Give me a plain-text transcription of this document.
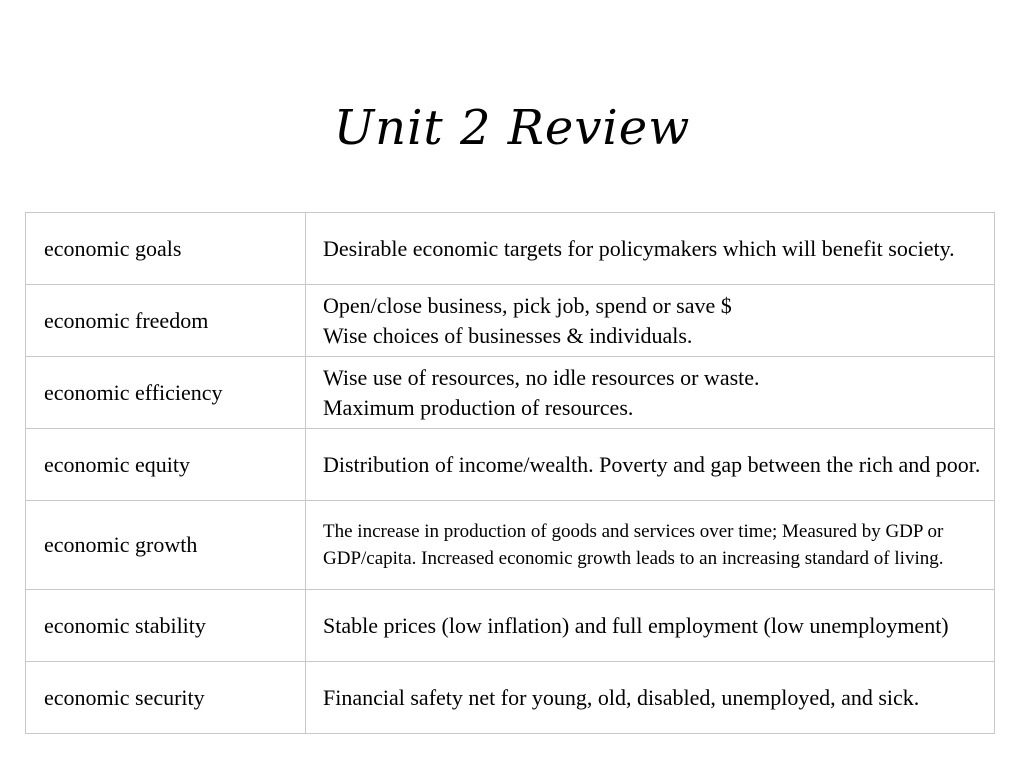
Unit 2 Review
economic goals	Desirable economic targets for policymakers which will benefit society.
economic freedom	Open/close business, pick job, spend or save $
Wise choices of businesses & individuals.
economic efficiency	Wise use of resources, no idle resources or waste.
Maximum production of resources.
economic equity	Distribution of income/wealth. Poverty and gap between the rich and poor.
economic growth	The increase in production of goods and services over time; Measured by GDP or GDP/capita. Increased economic growth leads to an increasing standard of living.
economic stability	Stable prices (low inflation) and full employment (low unemployment)
economic security	Financial safety net for young, old, disabled, unemployed, and sick.
